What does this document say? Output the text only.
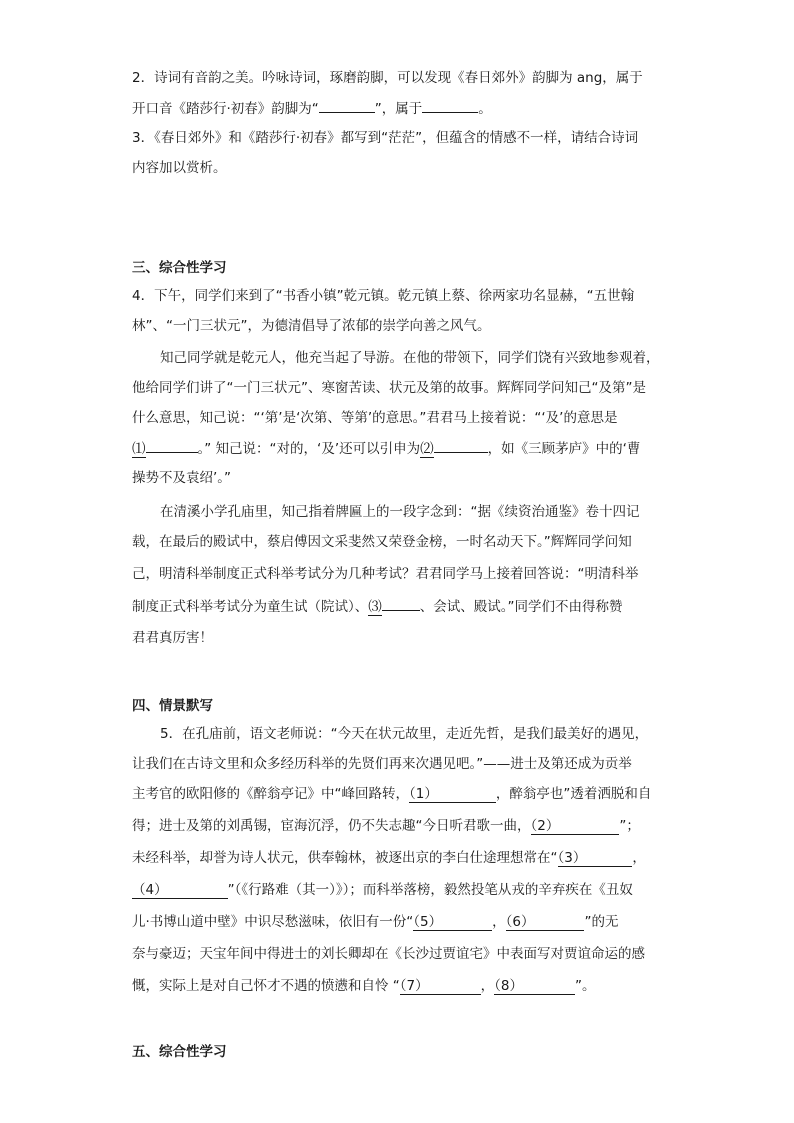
2．诗词有音韵之美。吟咏诗词，琢磨韵脚，可以发现《春日郊外》韵脚为 ang，属于
开口音《踏莎行·初春》韵脚为“	”，属于	。
3．《春日郊外》和《踏莎行·初春》都写到“茫茫”，但蕴含的情感不一样，请结合诗词
内容加以赏析。
三、综合性学习
4．下午，同学们来到了“书香小镇”乾元镇。乾元镇上蔡、徐两家功名显赫，“五世翰
林”、“一门三状元”，为德清倡导了浓郁的崇学向善之风气。
知己同学就是乾元人，他充当起了导游。在他的带领下，同学们饶有兴致地参观着，
他给同学们讲了“一门三状元”、寒窗苦读、状元及第的故事。辉辉同学问知己“及第”是
什么意思，知己说：“‘第’是‘次第、等第’的意思。”君君马上接着说：“‘及’的意思是
⑴	。” 知己说：“对的，‘及’还可以引申为⑵	，如《三顾茅庐》中的‘曹
操势不及袁绍’。”
在清溪小学孔庙里，知己指着牌匾上的一段字念到：“据《续资治通鉴》卷十四记
载，在最后的殿试中，蔡启傅因文采斐然又荣登金榜，一时名动天下。”辉辉同学问知
己，明清科举制度正式科举考试分为几种考试？君君同学马上接着回答说：“明清科举
制度正式科举考试分为童生试（院试）、⑶	、会试、殿试。”同学们不由得称赞
君君真厉害！
四、情景默写
5．在孔庙前，语文老师说：“今天在状元故里，走近先哲，是我们最美好的遇见，
让我们在古诗文里和众多经历科举的先贤们再来次遇见吧。”——进士及第还成为贡举
主考官的欧阳修的《醉翁亭记》中“峰回路转，（1）	，醉翁亭也”透着洒脱和自
得；进士及第的刘禹锡，宦海沉浮，仍不失志趣“今日听君歌一曲，（2）	”；
未经科举，却誉为诗人状元，供奉翰林，被逐出京的李白仕途理想常在“（3）	，
（4）	”（《行路难（其一）》）；而科举落榜，毅然投笔从戎的辛弃疾在《丑奴
儿·书博山道中壁》中识尽愁滋味，依旧有一份“（5）	，（6）	”的无
奈与豪迈；天宝年间中得进士的刘长卿却在《长沙过贾谊宅》中表面写对贾谊命运的感
慨，实际上是对自己怀才不遇的愤懑和自怜 “（7）	，（8）	”。
五、综合性学习
